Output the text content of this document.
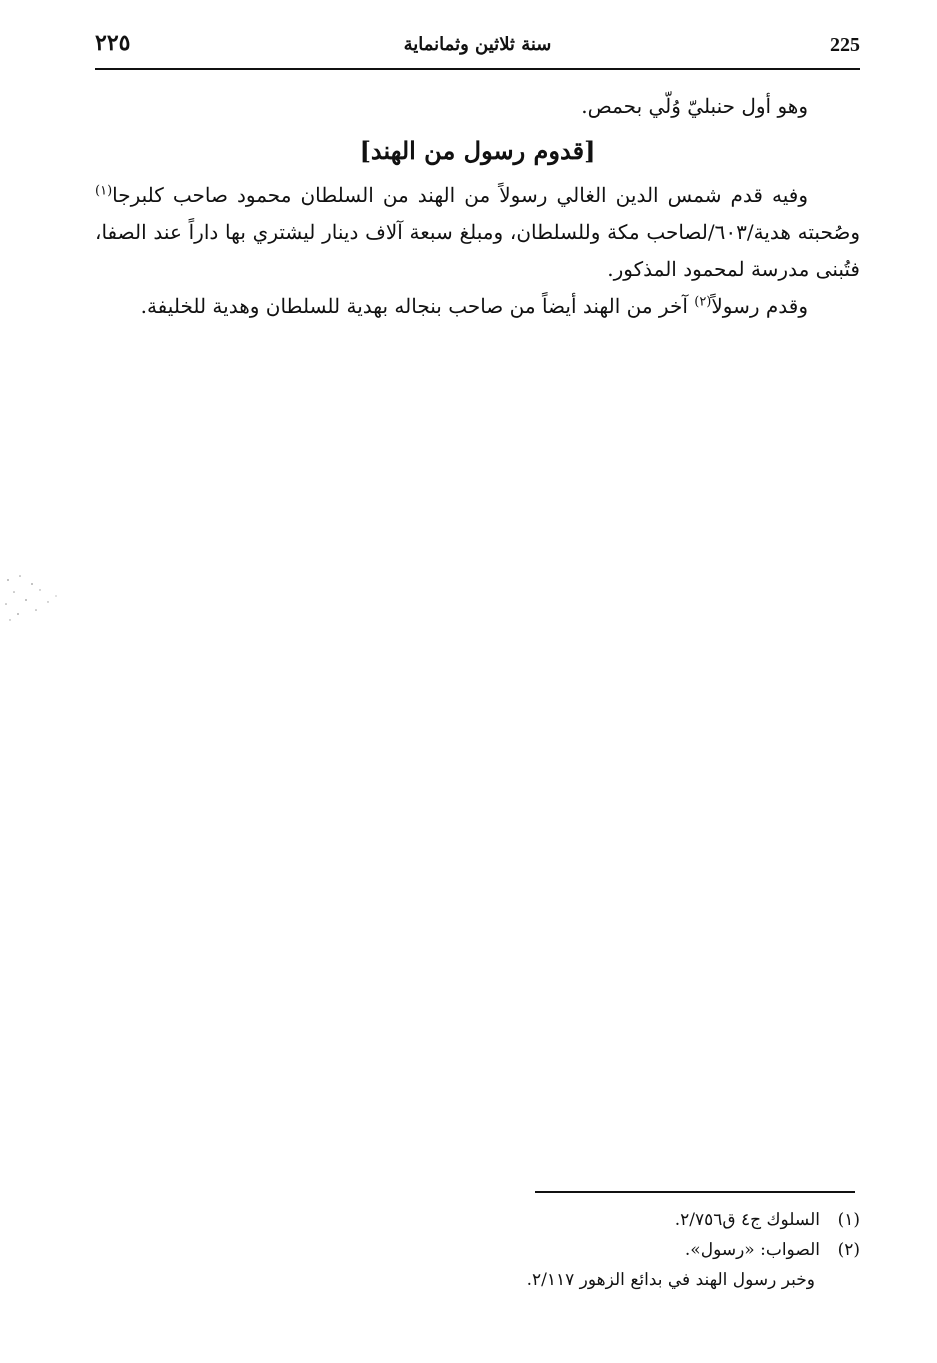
٢٢٥	سنة ثلاثين وثمانماية	225

وهو أول حنبليّ وُلّي بحمص.

[قدوم رسول من الهند]

وفيه قدم شمس الدين الغالي رسولاً من الهند من السلطان محمود صاحب كلبرجا$^{(١)}$ وصُحبته هدية/٦٠٣/لصاحب مكة وللسلطان، ومبلغ سبعة آلاف دينار ليشتري بها داراً عند الصفا، فتُبنى مدرسة لمحمود المذكور.

وقدم رسولاً$^{(٢)}$ آخر من الهند أيضاً من صاحب بنجاله بهدية للسلطان وهدية للخليفة.

(١)السلوك ج٤ ق٢/٧٥٦.

(٢)الصواب: «رسول».

وخبر رسول الهند في بدائع الزهور ٢/١١٧.
